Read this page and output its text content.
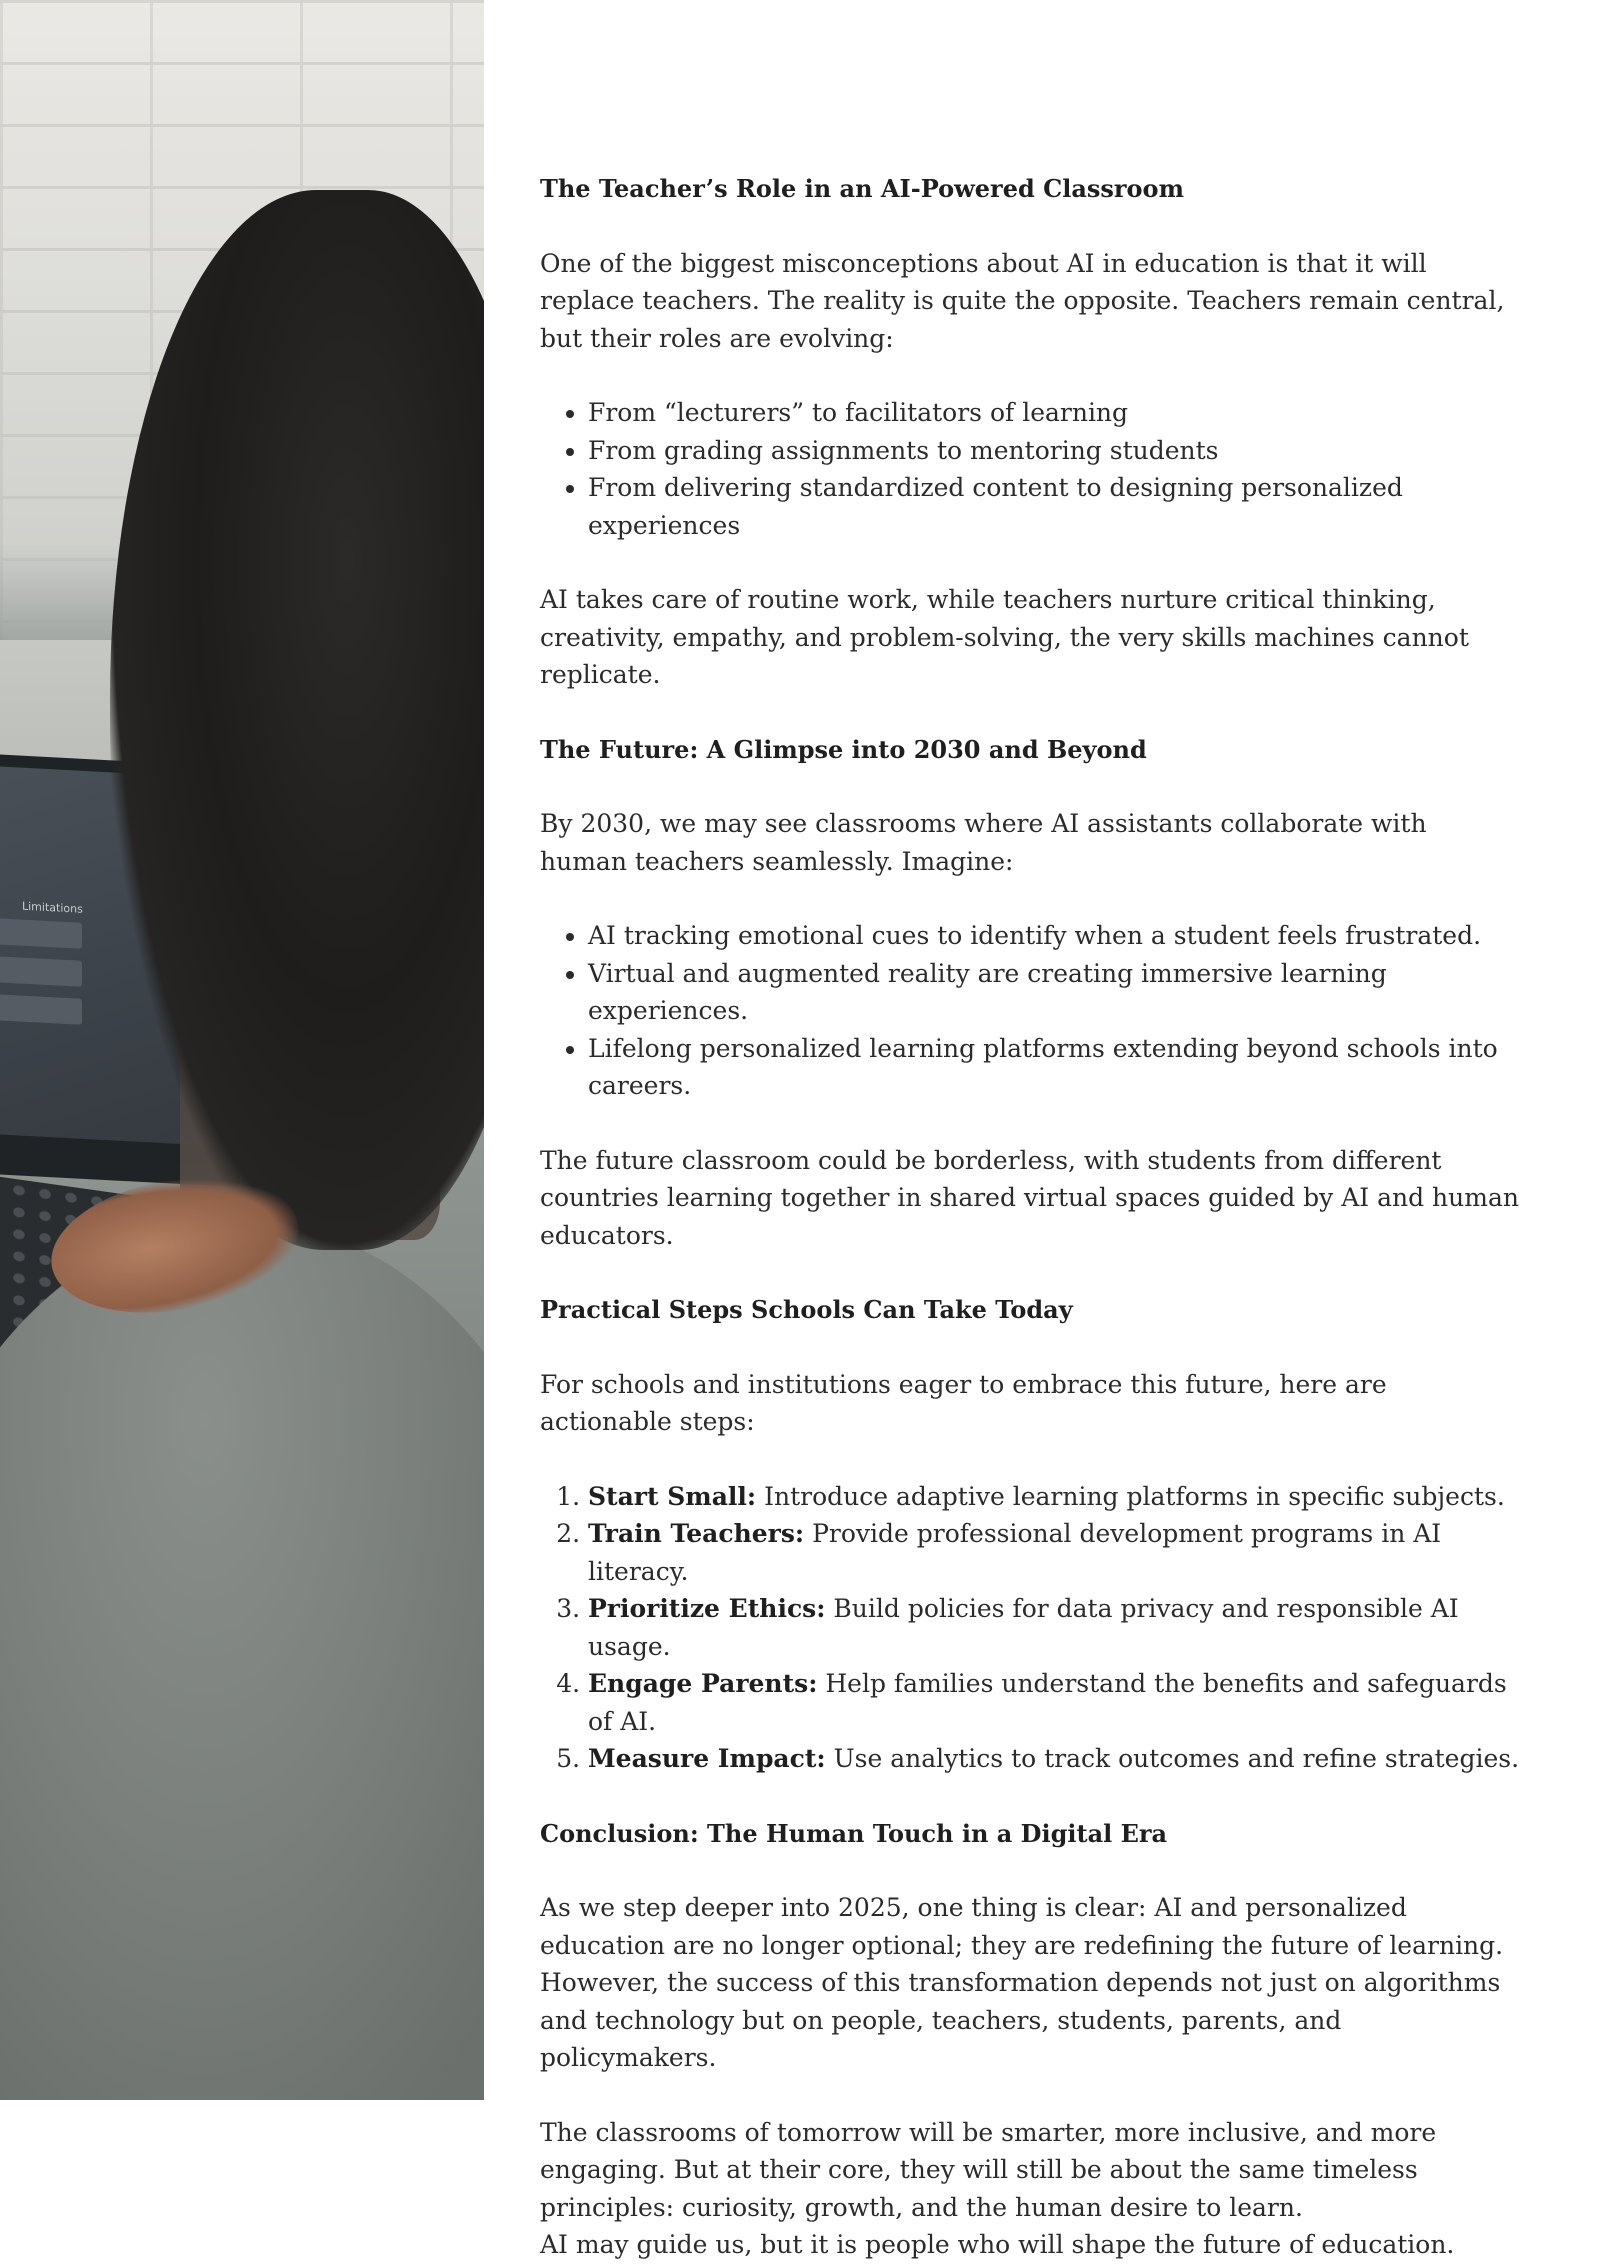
Limitations
The Teacher’s Role in an AI-Powered Classroom

One of the biggest misconceptions about AI in education is that it will replace teachers. The reality is quite the opposite. Teachers remain central, but their roles are evolving:

• From “lecturers” to facilitators of learning
• From grading assignments to mentoring students
• From delivering standardized content to designing personalized experiences

AI takes care of routine work, while teachers nurture critical thinking, creativity, empathy, and problem-solving, the very skills machines cannot replicate.

The Future: A Glimpse into 2030 and Beyond

By 2030, we may see classrooms where AI assistants collaborate with human teachers seamlessly. Imagine:

• AI tracking emotional cues to identify when a student feels frustrated.
• Virtual and augmented reality are creating immersive learning experiences.
• Lifelong personalized learning platforms extending beyond schools into careers.

The future classroom could be borderless, with students from different countries learning together in shared virtual spaces guided by AI and human educators.

Practical Steps Schools Can Take Today

For schools and institutions eager to embrace this future, here are actionable steps:

1. Start Small: Introduce adaptive learning platforms in specific subjects.
2. Train Teachers: Provide professional development programs in AI literacy.
3. Prioritize Ethics: Build policies for data privacy and responsible AI usage.
4. Engage Parents: Help families understand the benefits and safeguards of AI.
5. Measure Impact: Use analytics to track outcomes and refine strategies.
Conclusion: The Human Touch in a Digital Era

As we step deeper into 2025, one thing is clear: AI and personalized education are no longer optional; they are redefining the future of learning. However, the success of this transformation depends not just on algorithms and technology but on people, teachers, students, parents, and policymakers.

The classrooms of tomorrow will be smarter, more inclusive, and more engaging. But at their core, they will still be about the same timeless principles: curiosity, growth, and the human desire to learn.

AI may guide us, but it is people who will shape the future of education.
